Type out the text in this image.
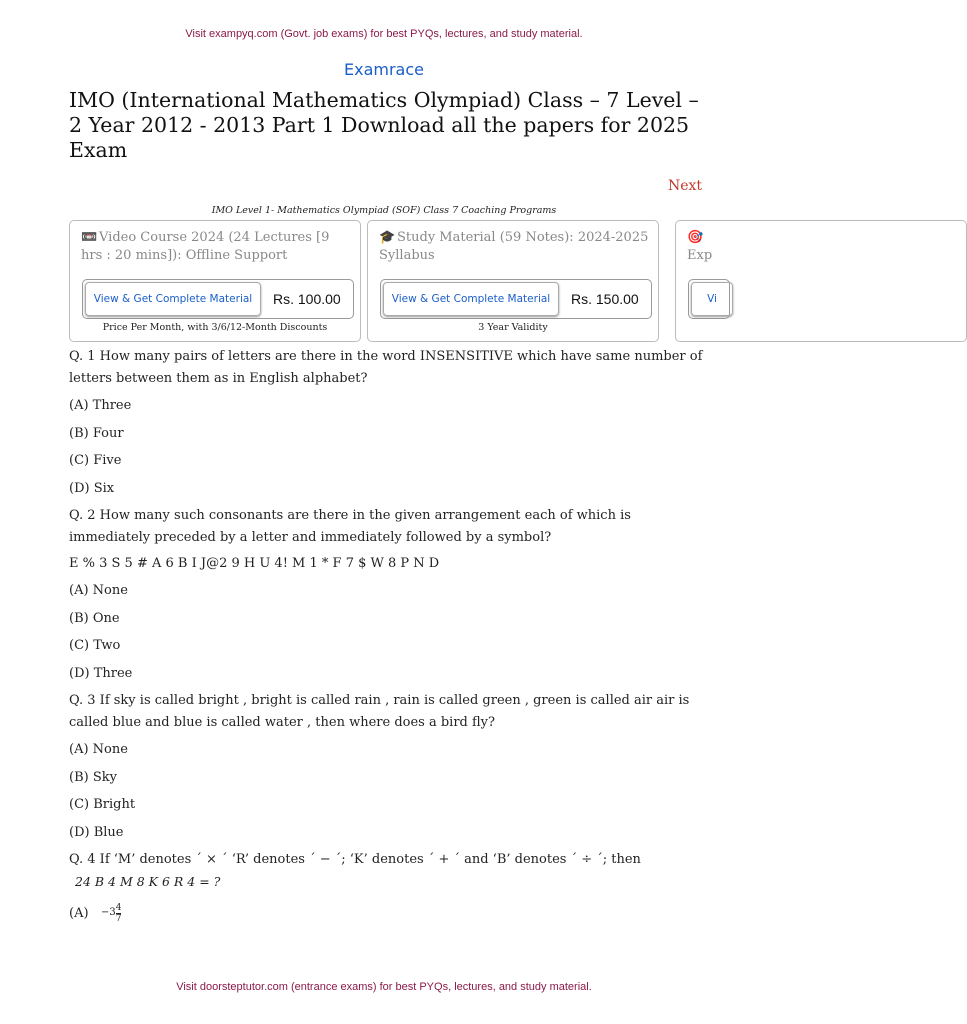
Visit exampyq.com (Govt. job exams) for best PYQs, lectures, and study material.
Examrace
IMO (International Mathematics Olympiad) Class – 7 Level – 2 Year 2012 - 2013 Part 1 Download all the papers for 2025 Exam
Next
IMO Level 1- Mathematics Olympiad (SOF) Class 7 Coaching Programs
📼 Video Course 2024 (24 Lectures [9 hrs : 20 mins]): Offline Support
View & Get Complete Material	Rs. 100.00
Price Per Month, with 3/6/12-Month Discounts
🎓 Study Material (59 Notes): 2024-2025 Syllabus
View & Get Complete Material	Rs. 150.00
3 Year Validity
🎯
Exp
Vi

Q. 1 How many pairs of letters are there in the word INSENSITIVE which have same number of letters between them as in English alphabet?

(A) Three

(B) Four

(C) Five

(D) Six

Q. 2 How many such consonants are there in the given arrangement each of which is immediately preceded by a letter and immediately followed by a symbol?

E % 3 S 5 # A 6 B I J@2 9 H U 4! M 1 * F 7 $ W 8 P N D

(A) None

(B) One

(C) Two

(D) Three

Q. 3 If sky is called bright , bright is called rain , rain is called green , green is called air air is called blue and blue is called water , then where does a bird fly?

(A) None

(B) Sky

(C) Bright

(D) Blue

Q. 4 If ‘M’ denotes ´ × ´ ‘R’ denotes ´ − ´; ‘K’ denotes ´ + ´ and ‘B’ denotes ´ ÷ ´; then

24 B 4 M 8 K 6 R 4 = ?

$(A) -3 \frac{4}{7}$

Visit doorsteptutor.com (entrance exams) for best PYQs, lectures, and study material.
